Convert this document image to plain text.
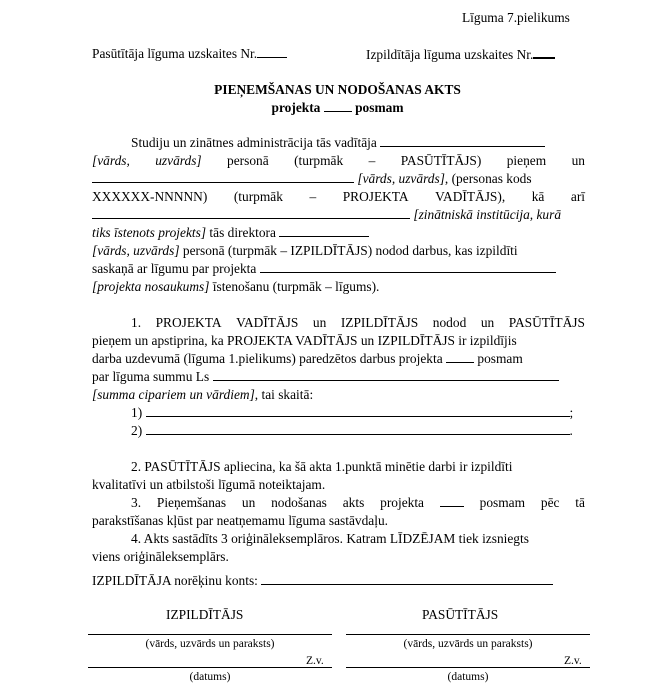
Līguma 7.pielikums
Pasūtītāja līguma uzskaites Nr.	Izpildītāja līguma uzskaites Nr.
PIEŅEMŠANAS UN NODOŠANAS AKTS
projekta	posmam
Studiju un zinātnes administrācija tās vadītāja
[vārds, uzvārds] personā (turpmāk – PASŪTĪTĀJS) pieņem un
[vārds, uzvārds], (personas kods
XXXXXX-NNNNN) (turpmāk – PROJEKTA VADĪTĀJS), kā arī
[zinātniskā institūcija, kurā
tiks īstenots projekts] tās direktora
[vārds, uzvārds] personā (turpmāk – IZPILDĪTĀJS) nodod darbus, kas izpildīti
saskaņā ar līgumu par projekta
[projekta nosaukums] īstenošanu (turpmāk – līgums).
1. PROJEKTA VADĪTĀJS un IZPILDĪTĀJS nodod un PASŪTĪTĀJS
pieņem un apstiprina, ka PROJEKTA VADĪTĀJS un IZPILDĪTĀJS ir izpildījis
darba uzdevumā (līguma 1.pielikums) paredzētos darbus projekta	posmam
par līguma summu Ls
[summa cipariem un vārdiem], tai skaitā:
1)	;
2)	.
2. PASŪTĪTĀJS apliecina, ka šā akta 1.punktā minētie darbi ir izpildīti
kvalitatīvi un atbilstoši līgumā noteiktajam.
3. Pieņemšanas un nodošanas akts projekta	posmam pēc tā
parakstīšanas kļūst par neatņemamu līguma sastāvdaļu.
4. Akts sastādīts 3 oriģināleksemplāros. Katram LĪDZĒJAM tiek izsniegts
viens oriģināleksemplārs.
IZPILDĪTĀJA norēķinu konts:
IZPILDĪTĀJS	PASŪTĪTĀJS
(vārds, uzvārds un paraksts)	(vārds, uzvārds un paraksts)
Z.v.	Z.v.
(datums)	(datums)
